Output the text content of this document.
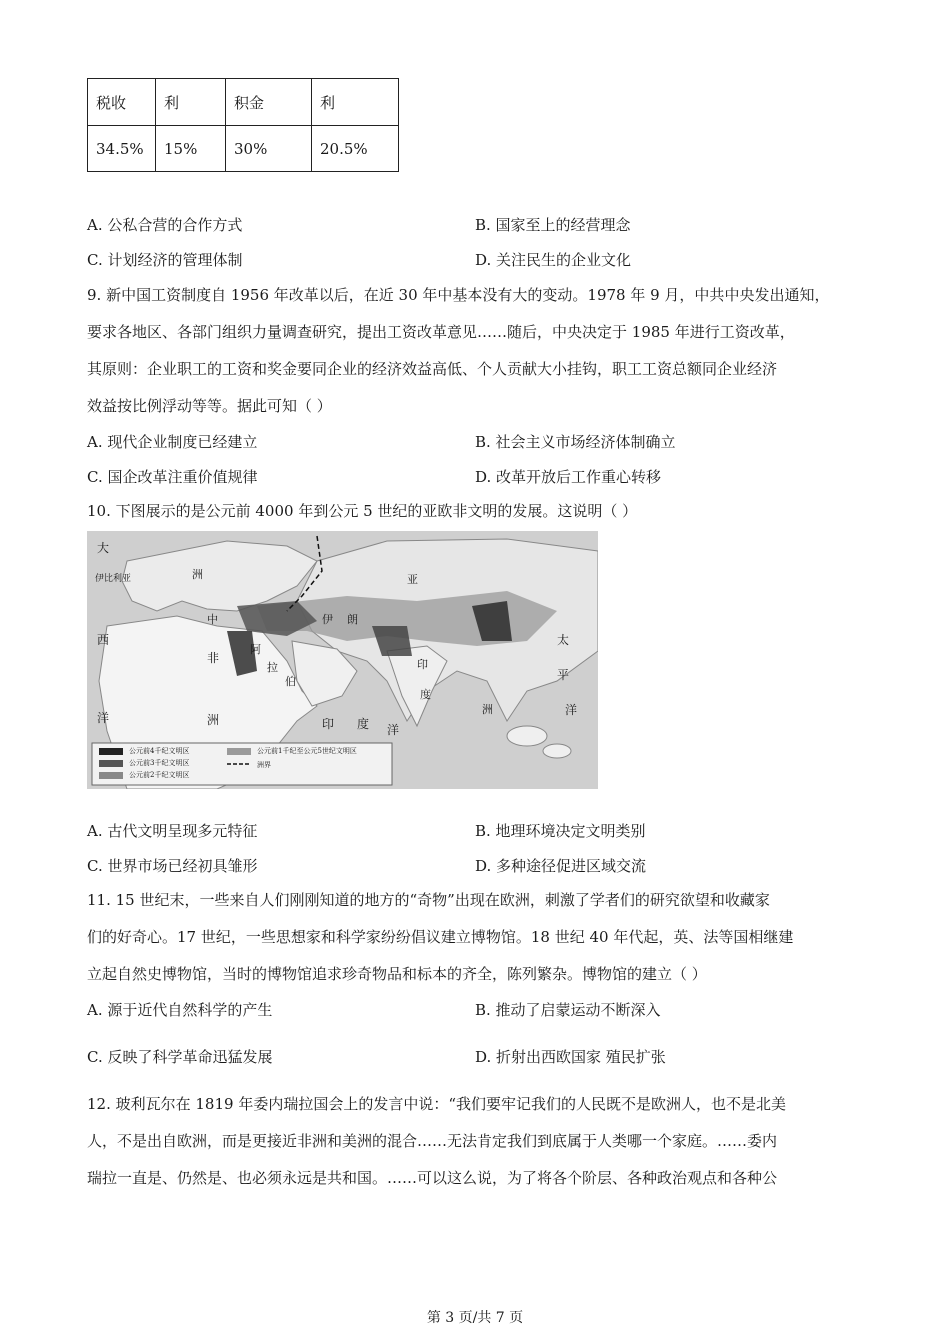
税收	利	积金	利
34.5%	15%	30%	20.5%
A. 公私合营的合作方式	B. 国家至上的经营理念
C. 计划经济的管理体制	D. 关注民生的企业文化
9. 新中国工资制度自 1956 年改革以后，在近 30 年中基本没有大的变动。1978 年 9 月，中共中央发出通知，
要求各地区、各部门组织力量调查研究，提出工资改革意见……随后，中央决定于 1985 年进行工资改革，
其原则：企业职工的工资和奖金要同企业的经济效益高低、个人贡献大小挂钩，职工工资总额同企业经济
效益按比例浮动等等。据此可知（ ）
A. 现代企业制度已经建立	B. 社会主义市场经济体制确立
C. 国企改革注重价值规律	D. 改革开放后工作重心转移
10. 下图展示的是公元前 4000 年到公元 5 世纪的亚欧非文明的发展。这说明（ ）
大
伊比利亚
西
洋
洲
中
非
洲
阿
拉
伯
伊 朗
印
度
印 度 洋
亚
太
平
洋
洲
公元前4千纪文明区
公元前3千纪文明区
公元前2千纪文明区
公元前1千纪至公元5世纪文明区
洲界
A. 古代文明呈现多元特征	B. 地理环境决定文明类别
C. 世界市场已经初具雏形	D. 多种途径促进区域交流
11. 15 世纪末，一些来自人们刚刚知道的地方的“奇物”出现在欧洲，刺激了学者们的研究欲望和收藏家
们的好奇心。17 世纪，一些思想家和科学家纷纷倡议建立博物馆。18 世纪 40 年代起，英、法等国相继建
立起自然史博物馆，当时的博物馆追求珍奇物品和标本的齐全，陈列繁杂。博物馆的建立（ ）
A. 源于近代自然科学的产生	B. 推动了启蒙运动不断深入
C. 反映了科学革命迅猛发展	D. 折射出西欧国家 殖民扩张
12. 玻利瓦尔在 1819 年委内瑞拉国会上的发言中说：“我们要牢记我们的人民既不是欧洲人，也不是北美
人，不是出自欧洲，而是更接近非洲和美洲的混合……无法肯定我们到底属于人类哪一个家庭。……委内
瑞拉一直是、仍然是、也必须永远是共和国。……可以这么说，为了将各个阶层、各种政治观点和各种公
第 3 页/共 7 页
